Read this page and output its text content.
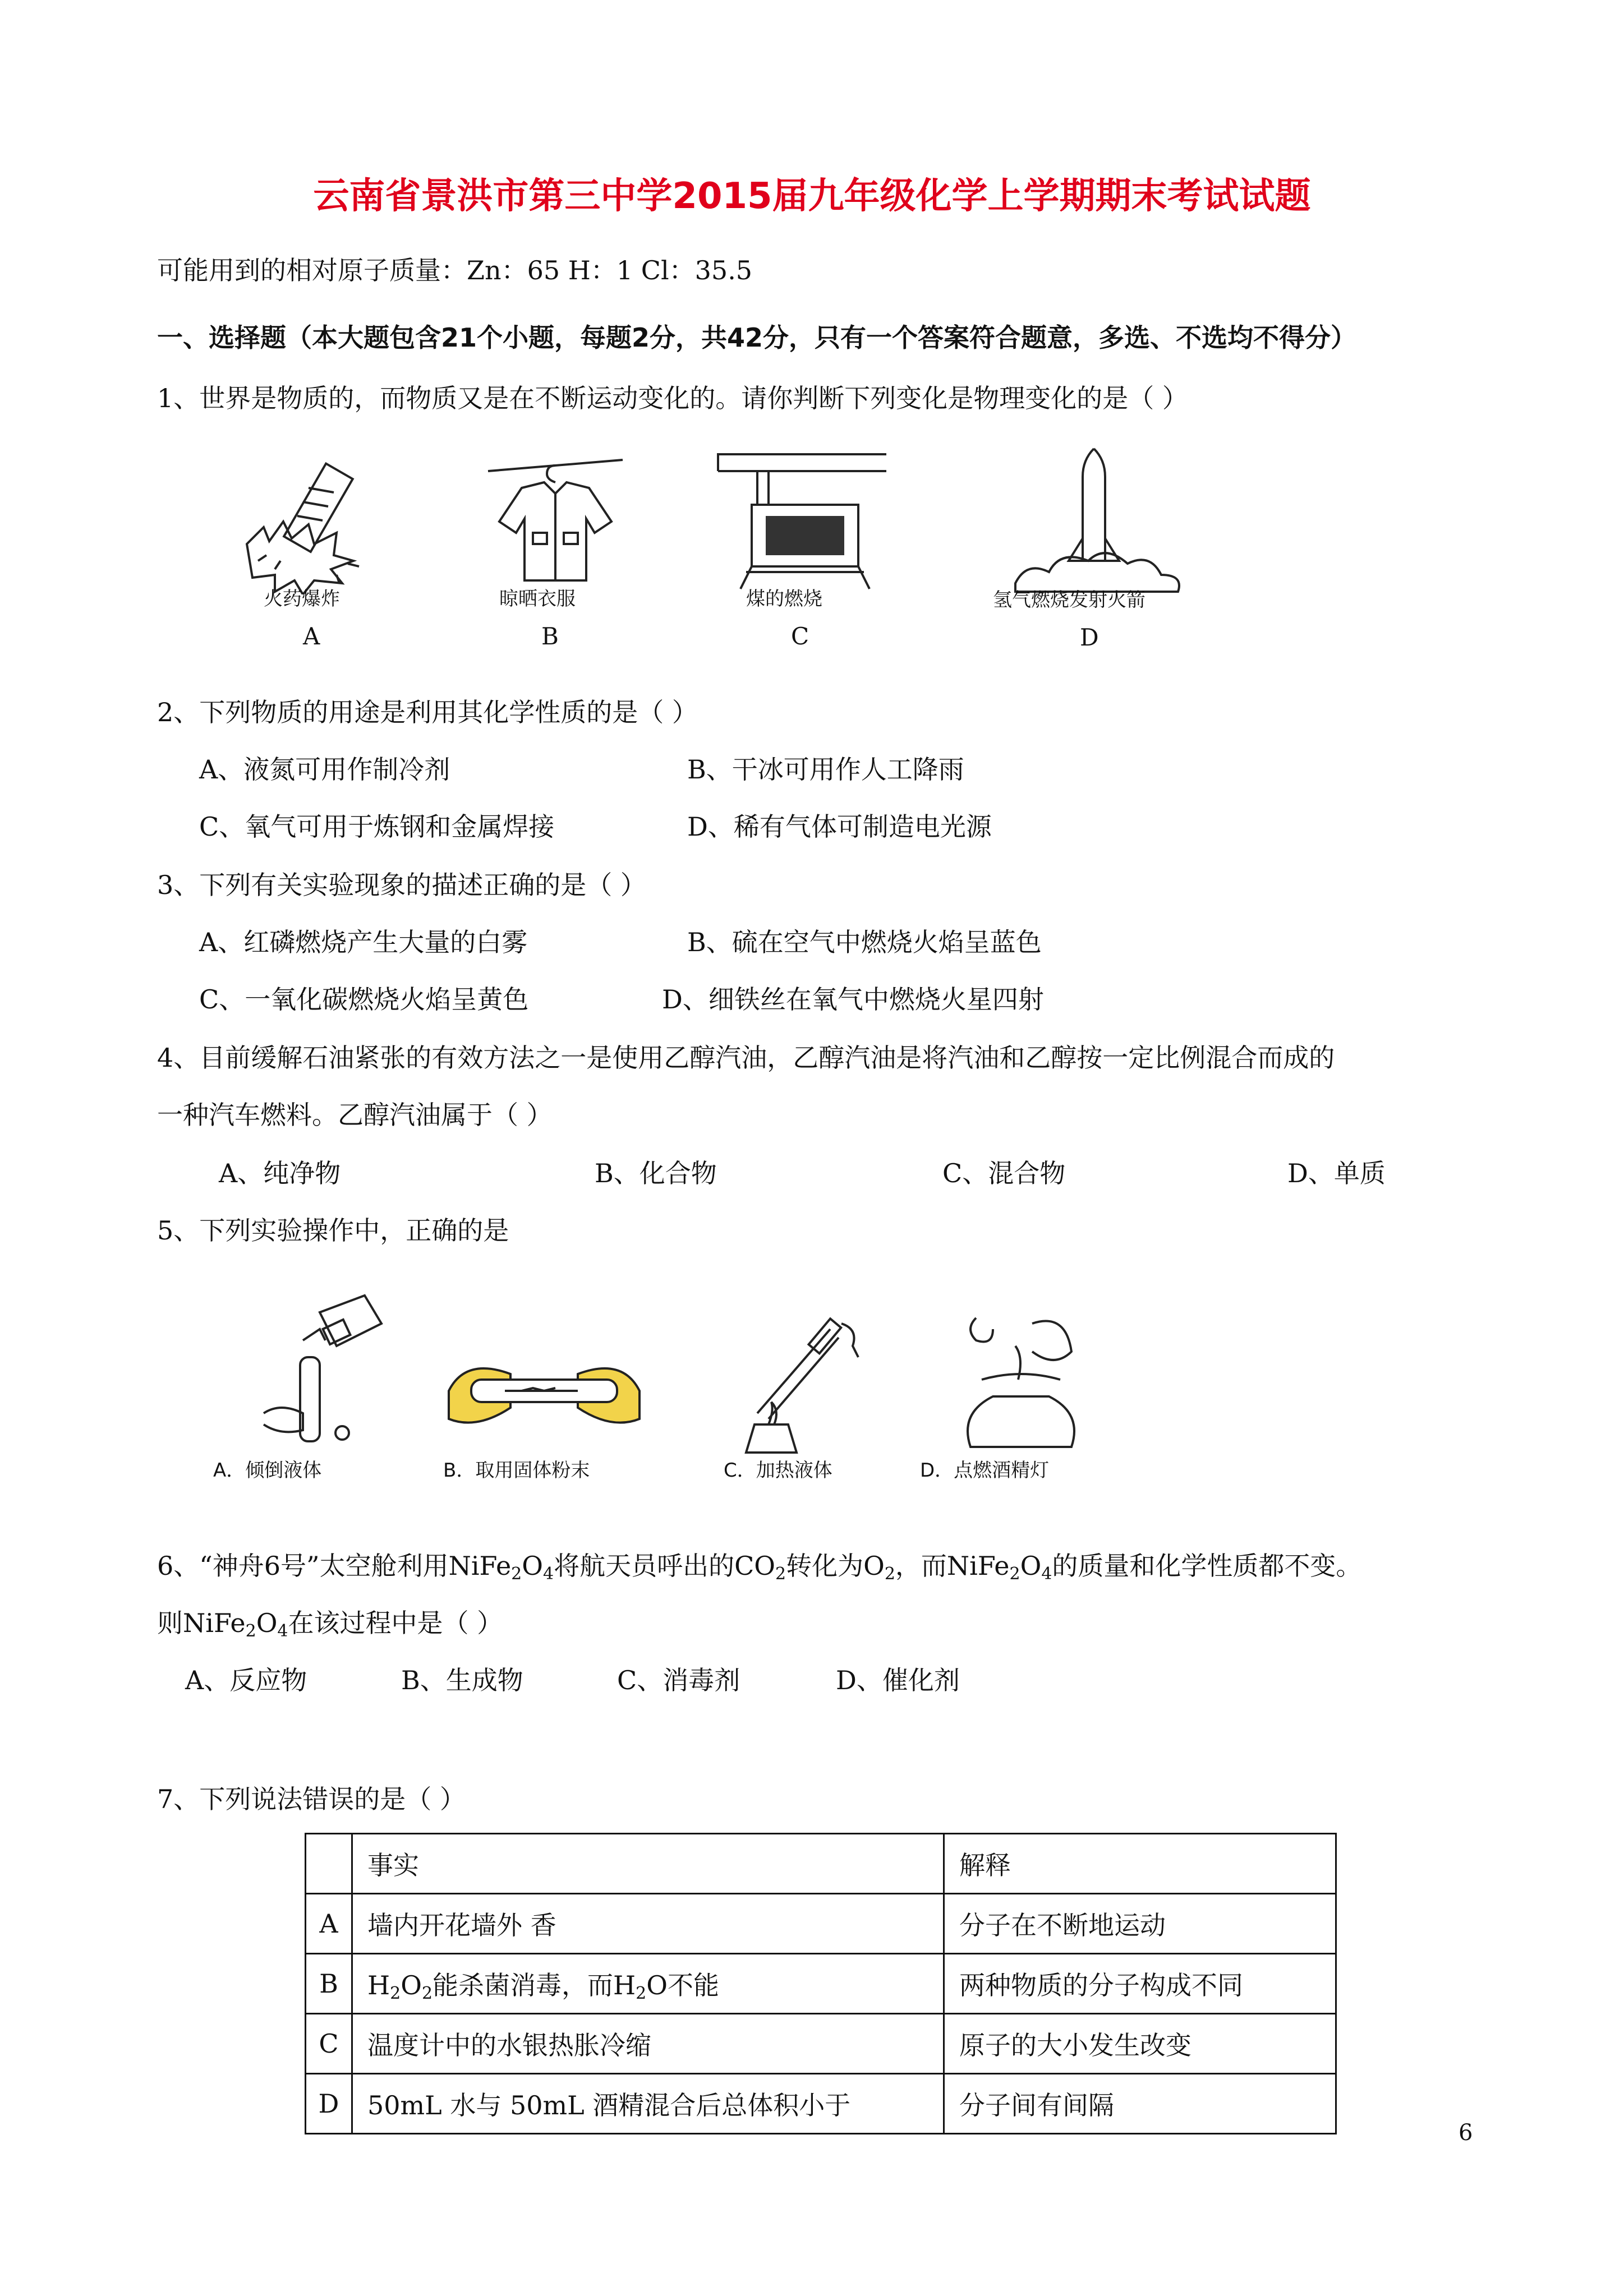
云南省景洪市第三中学2015届九年级化学上学期期末考试试题
可能用到的相对原子质量：Zn：65 H：1 Cl：35.5
一、选择题（本大题包含21个小题，每题2分，共42分，只有一个答案符合题意，多选、不选均不得分）
1、世界是物质的，而物质又是在不断运动变化的。请你判断下列变化是物理变化的是（ ）
火药爆炸
A
晾晒衣服
B
煤的燃烧
C
氢气燃烧发射火箭
D
2、下列物质的用途是利用其化学性质的是（ ）
A、液氮可用作制冷剂	B、干冰可用作人工降雨
C、氧气可用于炼钢和金属焊接	D、稀有气体可制造电光源
3、下列有关实验现象的描述正确的是（ ）
A、红磷燃烧产生大量的白雾	B、硫在空气中燃烧火焰呈蓝色
C、一氧化碳燃烧火焰呈黄色	D、细铁丝在氧气中燃烧火星四射
4、目前缓解石油紧张的有效方法之一是使用乙醇汽油，乙醇汽油是将汽油和乙醇按一定比例混合而成的
一种汽车燃料。乙醇汽油属于（ ）
A、纯净物	B、化合物	C、混合物	D、单质
5、下列实验操作中，正确的是
A．倾倒液体	B．取用固体粉末	C．加热液体	D．点燃酒精灯
6、“神舟6号”太空舱利用$NiFe_2O_4$将航天员呼出的$CO_2$转化为$O_2$，而$NiFe_2O_4$的质量和化学性质都不变。
则$NiFe_2O_4$在该过程中是（ ）
A、反应物	B、生成物	C、消毒剂	D、催化剂
7、下列说法错误的是（ ）
	事实	解释
A	墙内开花墙外 香	分子在不断地运动
B	$H_2O_2$能杀菌消毒，而$H_2O$不能	两种物质的分子构成不同
C	温度计中的水银热胀冷缩	原子的大小发生改变
D	50mL 水与 50mL 酒精混合后总体积小于	分子间有间隔
6
